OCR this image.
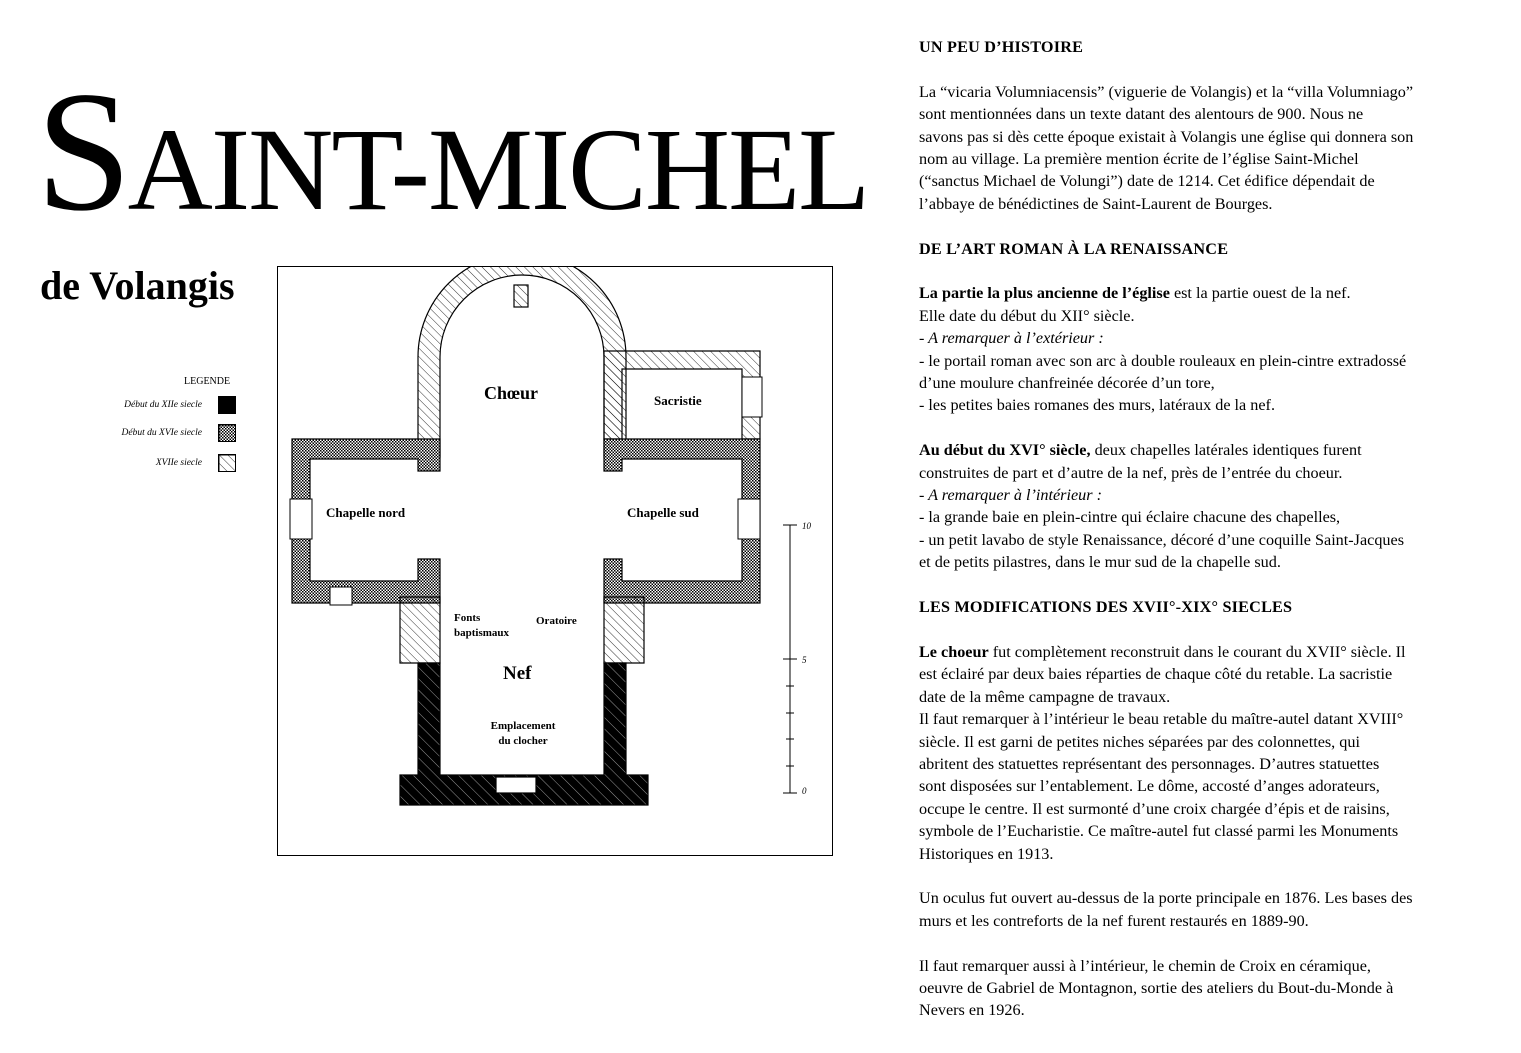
SAINT-MICHEL
de Volangis
LEGENDE
Début du XIIe siecle
Début du XVIe siecle
XVIIe siecle
Chœur	Sacristie
Chapelle nord	Chapelle sud
Fonts
baptismaux
Oratoire
Nef
Emplacement
du clocher
10
5
0
UN PEU D’HISTOIRE

La “vicaria Volumniacensis” (viguerie de Volangis) et la “villa Volumniago”

sont mentionnées dans un texte datant des alentours de 900. Nous ne

savons pas si dès cette époque existait à Volangis une église qui donnera son

nom au village. La première mention écrite de l’église Saint-Michel

(“sanctus Michael de Volungi”) date de 1214. Cet édifice dépendait de

l’abbaye de bénédictines de Saint-Laurent de Bourges.

DE L’ART ROMAN À LA RENAISSANCE

La partie la plus ancienne de l’église est la partie ouest de la nef.

Elle date du début du XII° siècle.

- A remarquer à l’extérieur :

- le portail roman avec son arc à double rouleaux en plein-cintre extradossé

d’une moulure chanfreinée décorée d’un tore,

- les petites baies romanes des murs, latéraux de la nef.

Au début du XVI° siècle, deux chapelles latérales identiques furent

construites de part et d’autre de la nef, près de l’entrée du choeur.

- A remarquer à l’intérieur :

- la grande baie en plein-cintre qui éclaire chacune des chapelles,

- un petit lavabo de style Renaissance, décoré d’une coquille Saint-Jacques

et de petits pilastres, dans le mur sud de la chapelle sud.

LES MODIFICATIONS DES XVII°-XIX° SIECLES

Le choeur fut complètement reconstruit dans le courant du XVII° siècle. Il

est éclairé par deux baies réparties de chaque côté du retable. La sacristie

date de la même campagne de travaux.

Il faut remarquer à l’intérieur le beau retable du maître-autel datant XVIII°

siècle. Il est garni de petites niches séparées par des colonnettes, qui

abritent des statuettes représentant des personnages. D’autres statuettes

sont disposées sur l’entablement. Le dôme, accosté d’anges adorateurs,

occupe le centre. Il est surmonté d’une croix chargée d’épis et de raisins,

symbole de l’Eucharistie. Ce maître-autel fut classé parmi les Monuments

Historiques en 1913.

Un oculus fut ouvert au-dessus de la porte principale en 1876. Les bases des

murs et les contreforts de la nef furent restaurés en 1889-90.

Il faut remarquer aussi à l’intérieur, le chemin de Croix en céramique,

oeuvre de Gabriel de Montagnon, sortie des ateliers du Bout-du-Monde à

Nevers en 1926.
